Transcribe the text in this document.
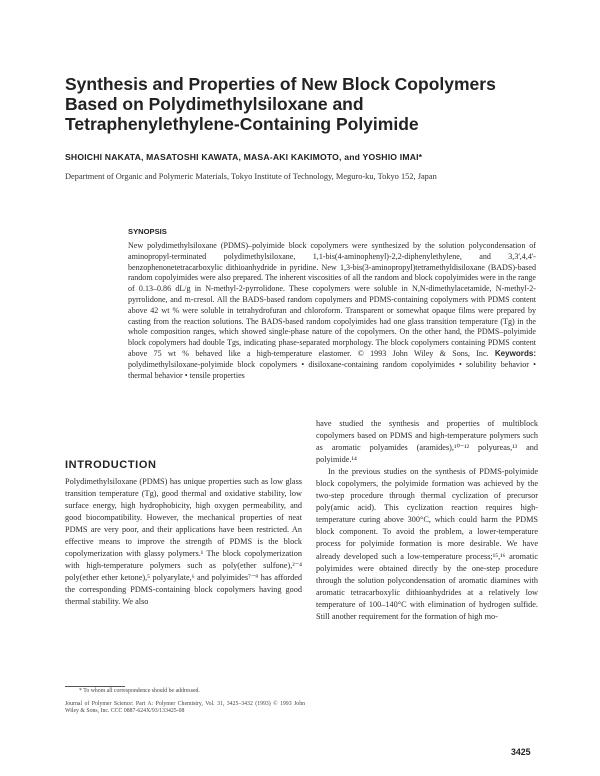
Synthesis and Properties of New Block Copolymers Based on Polydimethylsiloxane and Tetraphenylethylene-Containing Polyimide

SHOICHI NAKATA, MASATOSHI KAWATA, MASA-AKI KAKIMOTO, and YOSHIO IMAI*

Department of Organic and Polymeric Materials, Tokyo Institute of Technology, Meguro-ku, Tokyo 152, Japan

SYNOPSIS

New polydimethylsiloxane (PDMS)–polyimide block copolymers were synthesized by the solution polycondensation of aminopropyl-terminated polydimethylsiloxane, 1,1-bis(4-aminophenyl)-2,2-diphenylethylene, and 3,3',4,4'-benzophenonetetracarboxylic dithioanhydride in pyridine. New 1,3-bis(3-aminopropyl)tetramethyldisiloxane (BADS)-based random copolyimides were also prepared. The inherent viscosities of all the random and block copolyimides were in the range of 0.13–0.86 dL/g in N-methyl-2-pyrrolidone. These copolymers were soluble in N,N-dimethylacetamide, N-methyl-2-pyrrolidone, and m-cresol. All the BADS-based random copolymers and PDMS-containing copolymers with PDMS content above 42 wt % were soluble in tetrahydrofuran and chloroform. Transparent or somewhat opaque films were prepared by casting from the reaction solutions. The BADS-based random copolyimides had one glass transition temperature (Tg) in the whole composition ranges, which showed single-phase nature of the copolymers. On the other hand, the PDMS–polyimide block copolymers had double Tgs, indicating phase-separated morphology. The block copolymers containing PDMS content above 75 wt % behaved like a high-temperature elastomer. © 1993 John Wiley & Sons, Inc. Keywords: polydimethylsiloxane-polyimide block copolymers • disiloxane-containing random copolyimides • solubility behavior • thermal behavior • tensile properties

INTRODUCTION

Polydimethylsiloxane (PDMS) has unique properties such as low glass transition temperature (Tg), good thermal and oxidative stability, low surface energy, high hydrophobicity, high oxygen permeability, and good biocompatibility. However, the mechanical properties of neat PDMS are very poor, and their applications have been restricted. An effective means to improve the strength of PDMS is the block copolymerization with glassy polymers.¹ The block copolymerization with high-temperature polymers such as poly(ether sulfone),²⁻⁴ poly(ether ether ketone),⁵ polyarylate,⁶ and polyimides⁷⁻⁹ has afforded the corresponding PDMS-containing block copolymers having good thermal stability. We also

have studied the synthesis and properties of multiblock copolymers based on PDMS and high-temperature polymers such as aromatic polyamides (aramides),¹⁰⁻¹² polyureas,¹³ and polyimide.¹⁴
In the previous studies on the synthesis of PDMS-polyimide block copolymers, the polyimide formation was achieved by the two-step procedure through thermal cyclization of precursor poly(amic acid). This cyclization reaction requires high-temperature curing above 300°C, which could harm the PDMS block component. To avoid the problem, a lower-temperature process for polyimide formation is more desirable. We have already developed such a low-temperature process;¹⁵,¹⁶ aromatic polyimides were obtained directly by the one-step procedure through the solution polycondensation of aromatic diamines with aromatic tetracarboxylic dithioanhydrides at a relatively low temperature of 100–140°C with elimination of hydrogen sulfide. Still another requirement for the formation of high mo-

* To whom all correspondence should be addressed.
Journal of Polymer Science: Part A: Polymer Chemistry, Vol. 31, 3425–3432 (1993) © 1993 John Wiley & Sons, Inc. CCC 0887-624X/93/133425-08

3425
